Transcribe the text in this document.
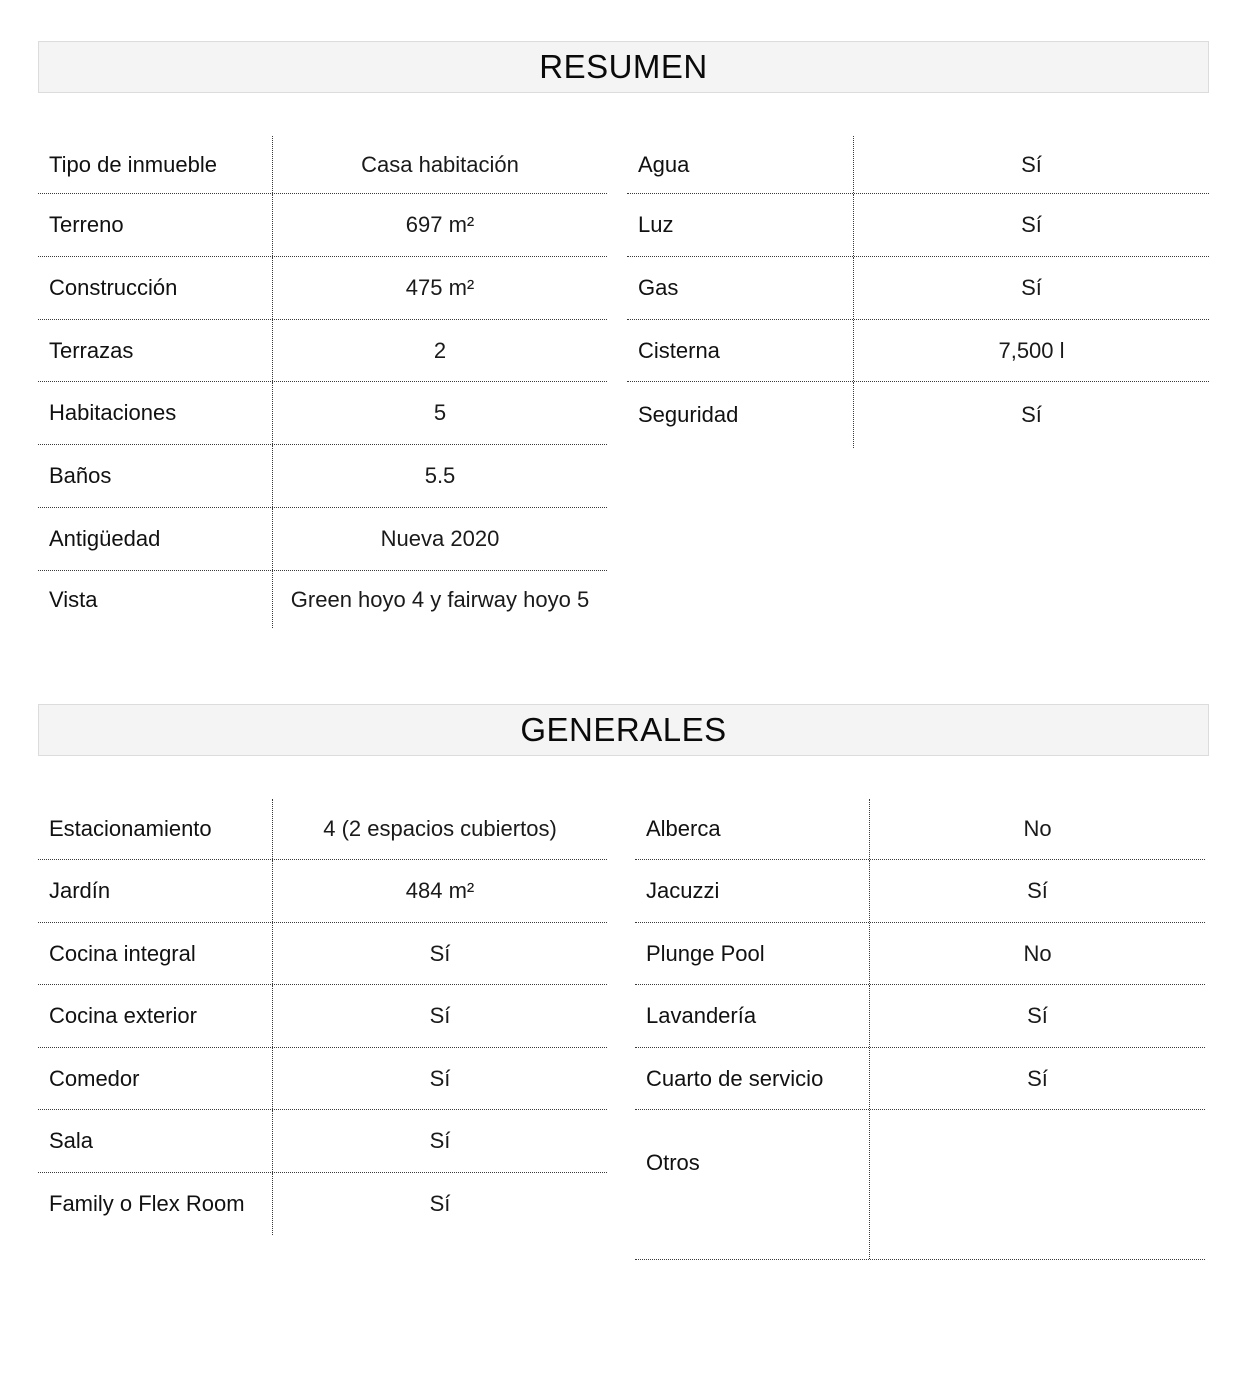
RESUMEN
Tipo de inmueble	Casa habitación
Terreno	697 m²
Construcción	475 m²
Terrazas	2
Habitaciones	5
Baños	5.5
Antigüedad	Nueva 2020
Vista	Green hoyo 4 y fairway hoyo 5
Agua	Sí
Luz	Sí
Gas	Sí
Cisterna	7,500 l
Seguridad	Sí
GENERALES
Estacionamiento	4 (2 espacios cubiertos)
Jardín	484 m²
Cocina integral	Sí
Cocina exterior	Sí
Comedor	Sí
Sala	Sí
Family o Flex Room	Sí
Alberca	No
Jacuzzi	Sí
Plunge Pool	No
Lavandería	Sí
Cuarto de servicio	Sí
Otros
